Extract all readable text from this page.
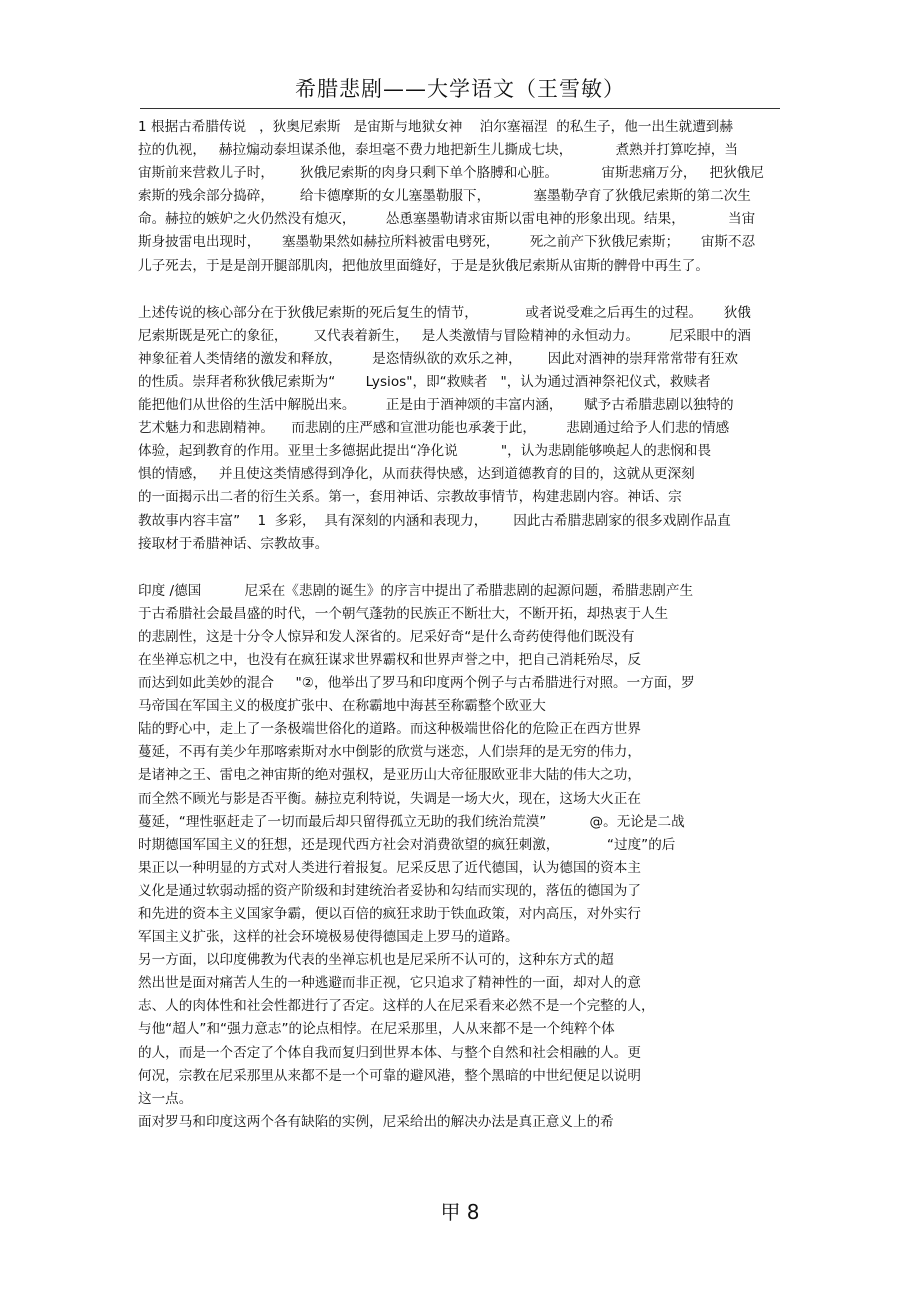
希腊悲剧——大学语文（王雪敏）
1 根据古希腊传说   ，狄奥尼索斯   是宙斯与地狱女神    泊尔塞福涅  的私生子，他一出生就遭到赫
拉的仇视，   赫拉煽动泰坦谋杀他，泰坦毫不费力地把新生儿撕成七块，          煮熟并打算吃掉，当
宙斯前来营救儿子时，      狄俄尼索斯的肉身只剩下单个胳膊和心脏。          宙斯悲痛万分，   把狄俄尼
索斯的残余部分捣碎，      给卡德摩斯的女儿塞墨勒服下，          塞墨勒孕育了狄俄尼索斯的第二次生
命。赫拉的嫉妒之火仍然没有熄灭，       怂恿塞墨勒请求宙斯以雷电神的形象出现。结果，          当宙
斯身披雷电出现时，     塞墨勒果然如赫拉所料被雷电劈死，       死之前产下狄俄尼索斯；     宙斯不忍
儿子死去，于是是剖开腿部肌肉，把他放里面缝好，于是是狄俄尼索斯从宙斯的髀骨中再生了。
上述传说的核心部分在于狄俄尼索斯的死后复生的情节，           或者说受难之后再生的过程。     狄俄
尼索斯既是死亡的象征，      又代表着新生，   是人类激情与冒险精神的永恒动力。       尼采眼中的酒
神象征着人类情绪的激发和释放，       是恣情纵欲的欢乐之神，      因此对酒神的崇拜常常带有狂欢
的性质。崇拜者称狄俄尼索斯为“       Lysios"，即“救赎者   "，认为通过酒神祭祀仪式，救赎者
能把他们从世俗的生活中解脱出来。       正是由于酒神颂的丰富内涵，     赋予古希腊悲剧以独特的
艺术魅力和悲剧精神。    而悲剧的庄严感和宣泄功能也承袭于此，       悲剧通过给予人们悲的情感
体验，起到教育的作用。亚里士多德据此提出“净化说          "，认为悲剧能够唤起人的悲悯和畏
惧的情感，   并且使这类情感得到净化，从而获得快感，达到道德教育的目的，这就从更深刻
的一面揭示出二者的衍生关系。第一，套用神话、宗教故事情节，构建悲剧内容。神话、宗
教故事内容丰富”    1  多彩，  具有深刻的内涵和表现力，      因此古希腊悲剧家的很多戏剧作品直
接取材于希腊神话、宗教故事。
印度 /德国          尼采在《悲剧的诞生》的序言中提出了希腊悲剧的起源问题，希腊悲剧产生
于古希腊社会最昌盛的时代，一个朝气蓬勃的民族正不断壮大，不断开拓，却热衷于人生
的悲剧性，这是十分令人惊异和发人深省的。尼采好奇“是什么奇药使得他们既没有
在坐禅忘机之中，也没有在疯狂谋求世界霸权和世界声誉之中，把自己消耗殆尽，反
而达到如此美妙的混合     "②，他举出了罗马和印度两个例子与古希腊进行对照。一方面，罗
马帝国在军国主义的极度扩张中、在称霸地中海甚至称霸整个欧亚大
陆的野心中，走上了一条极端世俗化的道路。而这种极端世俗化的危险正在西方世界
蔓延，不再有美少年那喀索斯对水中倒影的欣赏与迷恋，人们崇拜的是无穷的伟力，
是诸神之王、雷电之神宙斯的绝对强权，是亚历山大帝征服欧亚非大陆的伟大之功，
而全然不顾光与影是否平衡。赫拉克利特说，失调是一场大火，现在，这场大火正在
蔓延，“理性驱赶走了一切而最后却只留得孤立无助的我们统治荒漠”          @。无论是二战
时期德国军国主义的狂想，还是现代西方社会对消费欲望的疯狂刺激，           “过度”的后
果正以一种明显的方式对人类进行着报复。尼采反思了近代德国，认为德国的资本主
义化是通过软弱动摇的资产阶级和封建统治者妥协和勾结而实现的，落伍的德国为了
和先进的资本主义国家争霸，便以百倍的疯狂求助于铁血政策，对内高压，对外实行
军国主义扩张，这样的社会环境极易使得德国走上罗马的道路。
另一方面，以印度佛教为代表的坐禅忘机也是尼采所不认可的，这种东方式的超
然出世是面对痛苦人生的一种逃避而非正视，它只追求了精神性的一面，却对人的意
志、人的肉体性和社会性都进行了否定。这样的人在尼采看来必然不是一个完整的人，
与他“超人”和“强力意志”的论点相悖。在尼采那里，人从来都不是一个纯粹个体
的人，而是一个否定了个体自我而复归到世界本体、与整个自然和社会相融的人。更
何况，宗教在尼采那里从来都不是一个可靠的避风港，整个黑暗的中世纪便足以说明
这一点。
面对罗马和印度这两个各有缺陷的实例，尼采给出的解决办法是真正意义上的希
甲 8
